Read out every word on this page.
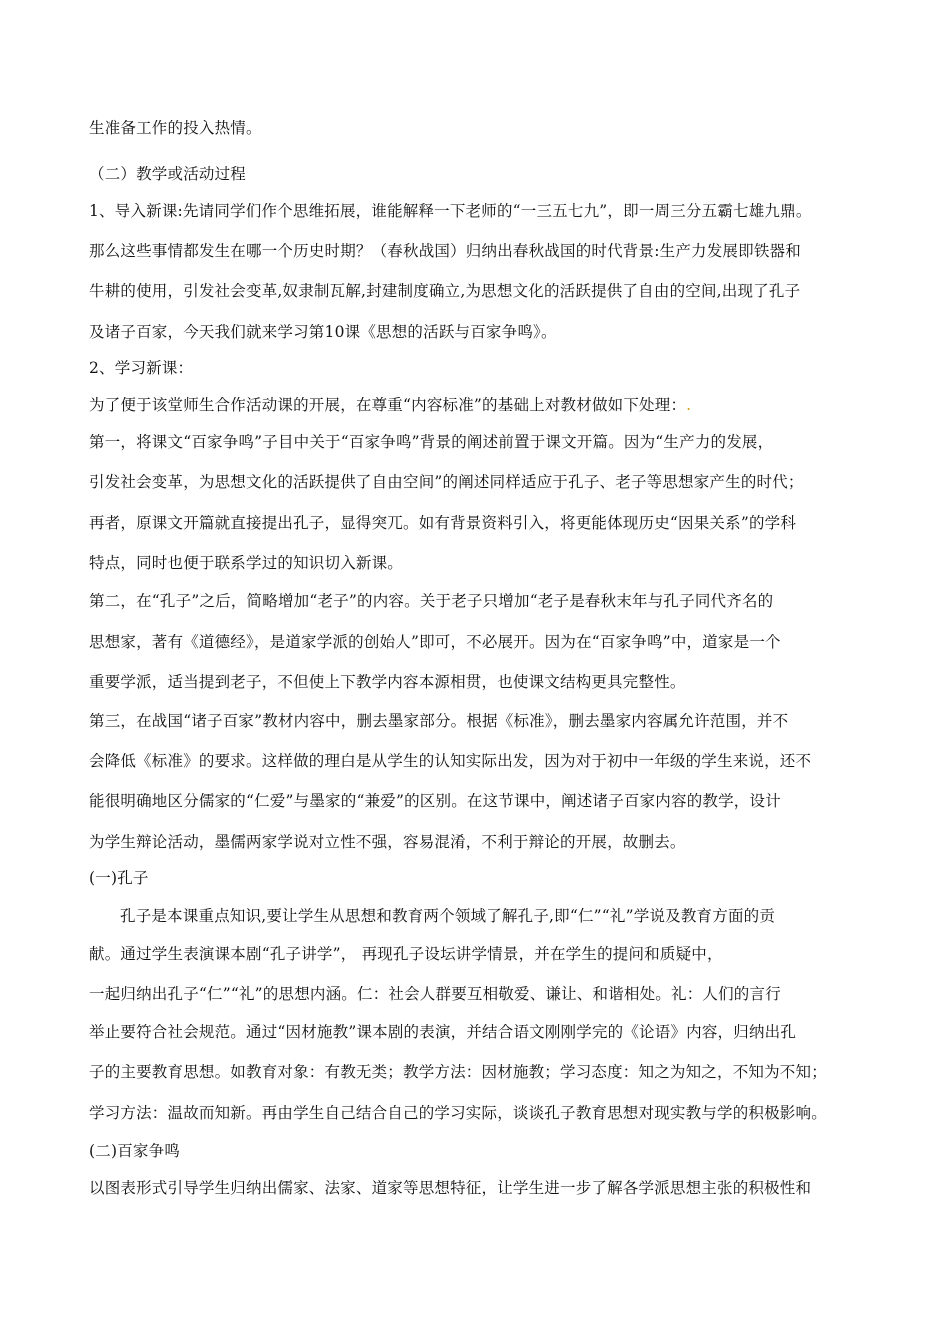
生准备工作的投入热情。
（二）教学或活动过程
1、导入新课:先请同学们作个思维拓展，谁能解释一下老师的“一三五七九”，即一周三分五霸七雄九鼎。
那么这些事情都发生在哪一个历史时期？（春秋战国）归纳出春秋战国的时代背景:生产力发展即铁器和
牛耕的使用，引发社会变革,奴隶制瓦解,封建制度确立,为思想文化的活跃提供了自由的空间,出现了孔子
及诸子百家，今天我们就来学习第10课《思想的活跃与百家争鸣》。
2、学习新课：
为了便于该堂师生合作活动课的开展，在尊重“内容标准”的基础上对教材做如下处理：.
第一，将课文“百家争鸣”子目中关于“百家争鸣”背景的阐述前置于课文开篇。因为“生产力的发展，
引发社会变革，为思想文化的活跃提供了自由空间”的阐述同样适应于孔子、老子等思想家产生的时代；
再者，原课文开篇就直接提出孔子，显得突兀。如有背景资料引入，将更能体现历史“因果关系”的学科
特点，同时也便于联系学过的知识切入新课。
第二，在“孔子”之后，简略增加“老子”的内容。关于老子只增加“老子是春秋末年与孔子同代齐名的
思想家，著有《道德经》，是道家学派的创始人”即可，不必展开。因为在“百家争鸣”中，道家是一个
重要学派，适当提到老子，不但使上下教学内容本源相贯，也使课文结构更具完整性。
第三，在战国“诸子百家”教材内容中，删去墨家部分。根据《标准》，删去墨家内容属允许范围，并不
会降低《标准》的要求。这样做的理白是从学生的认知实际出发，因为对于初中一年级的学生来说，还不
能很明确地区分儒家的“仁爱”与墨家的“兼爱”的区别。在这节课中，阐述诸子百家内容的教学，设计
为学生辩论活动，墨儒两家学说对立性不强，容易混淆，不利于辩论的开展，故删去。
(一)孔子
孔子是本课重点知识,要让学生从思想和教育两个领域了解孔子,即“仁”“礼”学说及教育方面的贡
献。通过学生表演课本剧“孔子讲学”， 再现孔子设坛讲学情景，并在学生的提问和质疑中，
一起归纳出孔子“仁”“礼”的思想内涵。仁：社会人群要互相敬爱、谦让、和谐相处。礼：人们的言行
举止要符合社会规范。通过“因材施教”课本剧的表演，并结合语文刚刚学完的《论语》内容，归纳出孔
子的主要教育思想。如教育对象：有教无类；教学方法：因材施教；学习态度：知之为知之，不知为不知；
学习方法：温故而知新。再由学生自己结合自己的学习实际，谈谈孔子教育思想对现实教与学的积极影响。
(二)百家争鸣
以图表形式引导学生归纳出儒家、法家、道家等思想特征，让学生进一步了解各学派思想主张的积极性和
